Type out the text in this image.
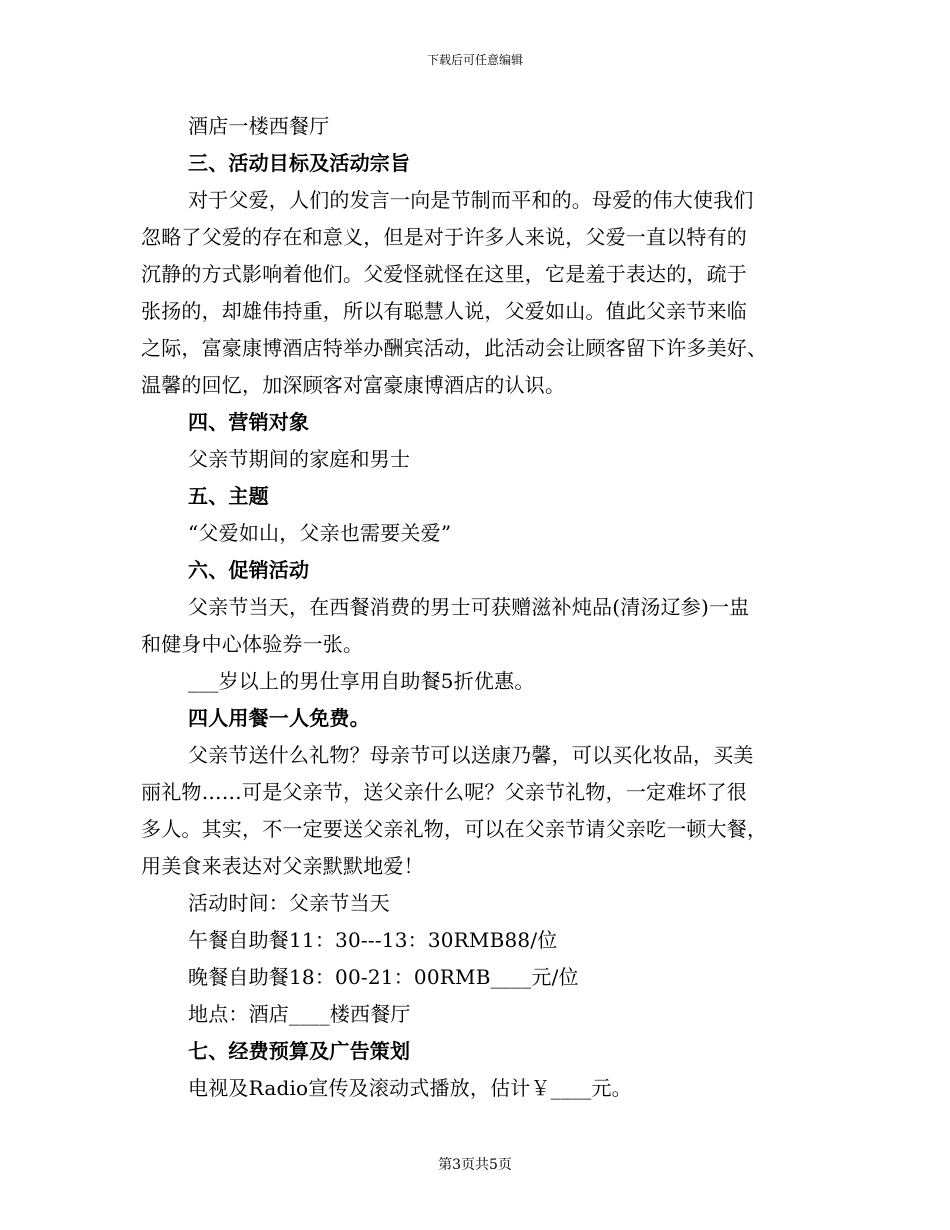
下载后可任意编辑
酒店一楼西餐厅
三、活动目标及活动宗旨
对于父爱，人们的发言一向是节制而平和的。母爱的伟大使我们
忽略了父爱的存在和意义，但是对于许多人来说，父爱一直以特有的
沉静的方式影响着他们。父爱怪就怪在这里，它是羞于表达的，疏于
张扬的，却雄伟持重，所以有聪慧人说，父爱如山。值此父亲节来临
之际，富豪康博酒店特举办酬宾活动，此活动会让顾客留下许多美好、
温馨的回忆，加深顾客对富豪康博酒店的认识。
四、营销对象
父亲节期间的家庭和男士
五、主题
“父爱如山，父亲也需要关爱”
六、促销活动
父亲节当天，在西餐消费的男士可获赠滋补炖品(清汤辽参)一盅
和健身中心体验券一张。
___岁以上的男仕享用自助餐5折优惠。
四人用餐一人免费。
父亲节送什么礼物？母亲节可以送康乃馨，可以买化妆品，买美
丽礼物……可是父亲节，送父亲什么呢？父亲节礼物，一定难坏了很
多人。其实，不一定要送父亲礼物，可以在父亲节请父亲吃一顿大餐，
用美食来表达对父亲默默地爱！
活动时间：父亲节当天
午餐自助餐11：30---13：30RMB88/位
晚餐自助餐18：00-21：00RMB____元/位
地点：酒店____楼西餐厅
七、经费预算及广告策划
电视及Radio宣传及滚动式播放，估计￥____元。
第3页共5页
